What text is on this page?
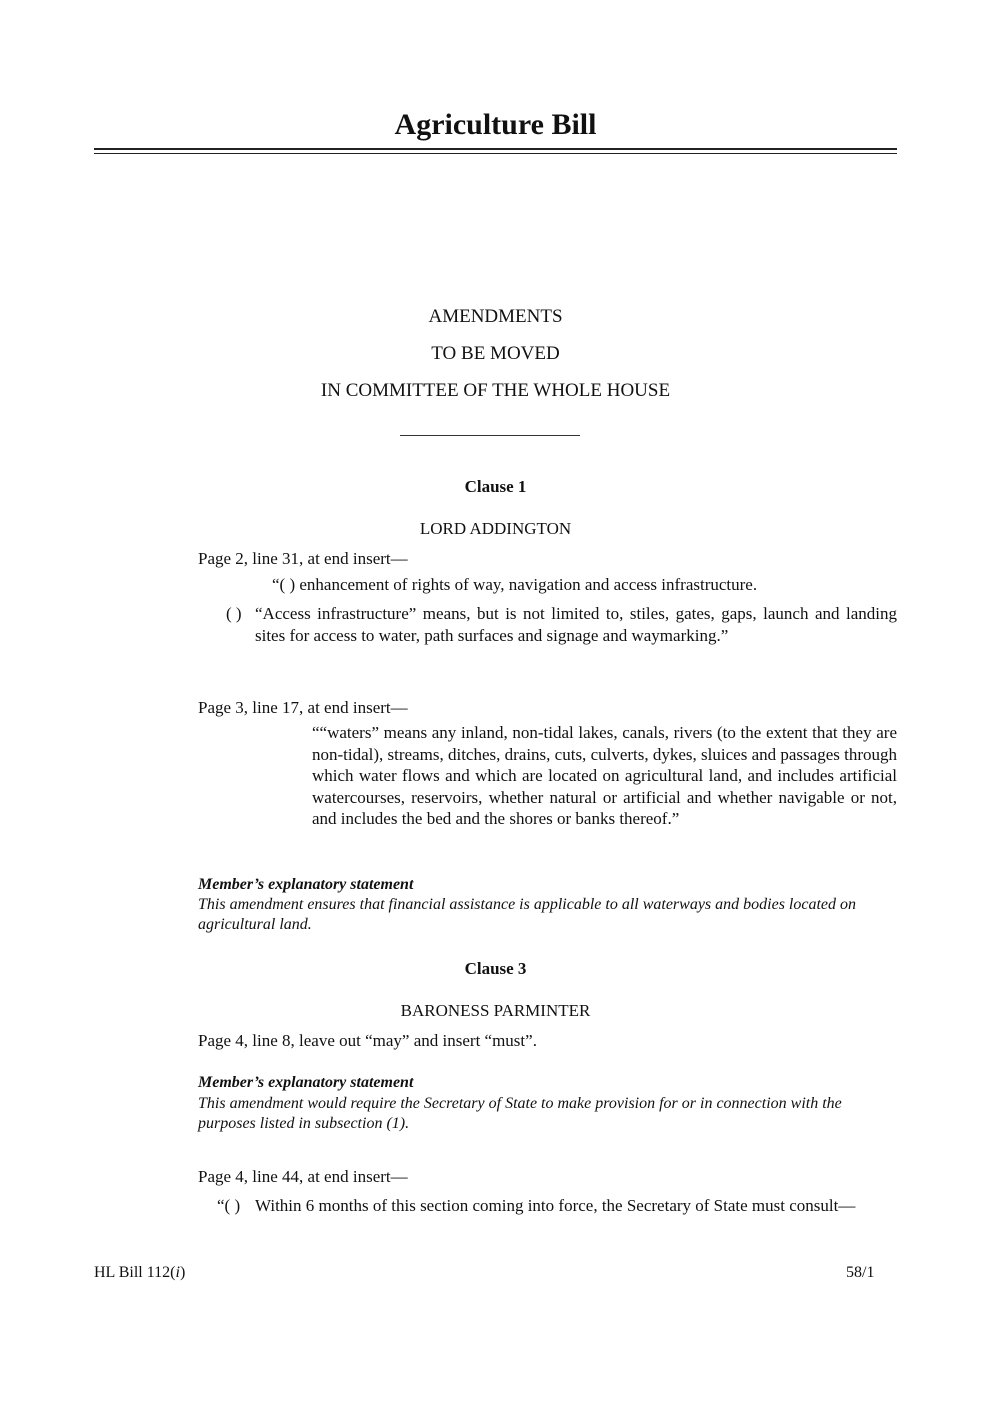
Agriculture Bill
AMENDMENTS
TO BE MOVED
IN COMMITTEE OF THE WHOLE HOUSE
Clause 1
LORD ADDINGTON
Page 2, line 31, at end insert—
“( ) enhancement of rights of way, navigation and access infrastructure.
( ) “Access infrastructure” means, but is not limited to, stiles, gates, gaps, launch and landing sites for access to water, path surfaces and signage and waymarking.”
Page 3, line 17, at end insert—
““waters” means any inland, non-tidal lakes, canals, rivers (to the extent that they are non-tidal), streams, ditches, drains, cuts, culverts, dykes, sluices and passages through which water flows and which are located on agricultural land, and includes artificial watercourses, reservoirs, whether natural or artificial and whether navigable or not, and includes the bed and the shores or banks thereof.”
Member’s explanatory statement
This amendment ensures that financial assistance is applicable to all waterways and bodies located on agricultural land.
Clause 3
BARONESS PARMINTER
Page 4, line 8, leave out “may” and insert “must”.
Member’s explanatory statement
This amendment would require the Secretary of State to make provision for or in connection with the purposes listed in subsection (1).
Page 4, line 44, at end insert—
“( ) Within 6 months of this section coming into force, the Secretary of State must consult—
HL Bill 112(i)	58/1
